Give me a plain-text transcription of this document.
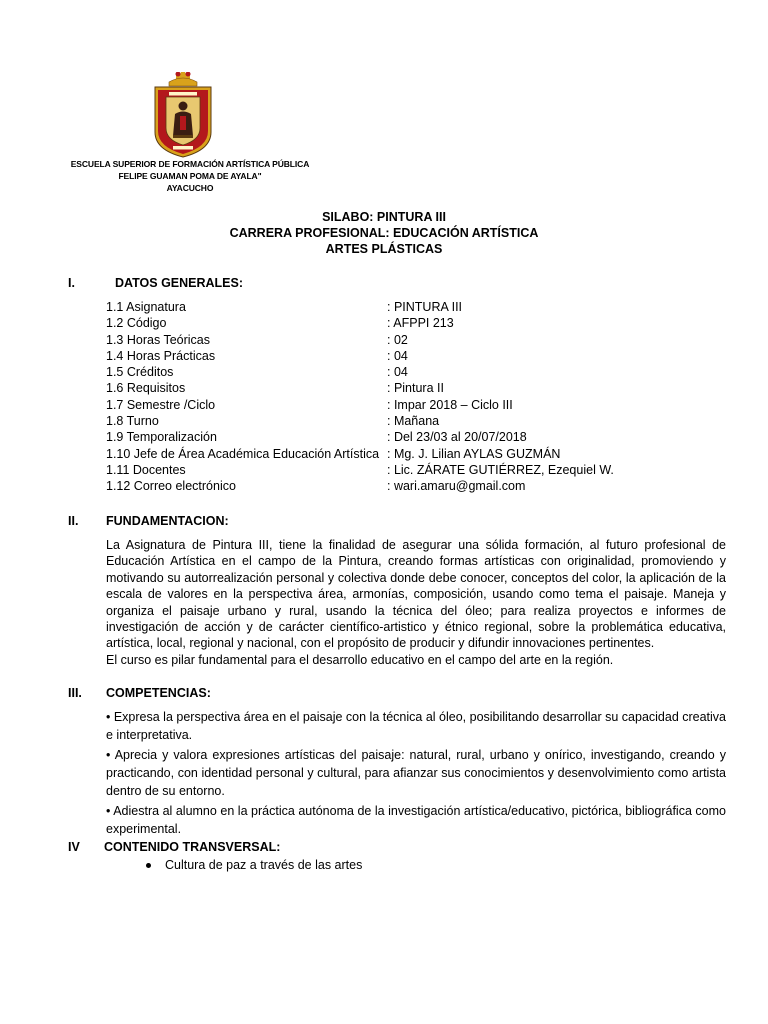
ESCUELA SUPERIOR DE FORMACIÓN ARTÍSTICA PÚBLICA
FELIPE GUAMAN POMA DE AYALA"
AYACUCHO
SILABO: PINTURA III
CARRERA PROFESIONAL: EDUCACIÓN ARTÍSTICA
ARTES PLÁSTICAS
I.	DATOS GENERALES:
1.1 Asignatura	: PINTURA III
1.2 Código	: AFPPI 213
1.3 Horas Teóricas	: 02
1.4 Horas Prácticas	: 04
1.5 Créditos	: 04
1.6 Requisitos	: Pintura II
1.7 Semestre /Ciclo	: Impar 2018 – Ciclo III
1.8 Turno	: Mañana
1.9 Temporalización	: Del 23/03 al 20/07/2018
1.10 Jefe de Área Académica Educación Artística : Mg. J. Lilian AYLAS GUZMÁN
1.11 Docentes	: Lic. ZÁRATE GUTIÉRREZ, Ezequiel W.
1.12 Correo electrónico	: wari.amaru@gmail.com
II. FUNDAMENTACION:

La Asignatura de Pintura III, tiene la finalidad de asegurar una sólida formación, al futuro profesional de Educación Artística en el campo de la Pintura, creando formas artísticas con originalidad, promoviendo y motivando su autorrealización personal y colectiva donde debe conocer, conceptos del color, la aplicación de la escala de valores en la perspectiva área, armonías, composición, usando como tema el paisaje. Maneja y organiza el paisaje urbano y rural, usando la técnica del óleo; para realiza proyectos e informes de investigación de acción y de carácter científico-artistico y étnico regional, sobre la problemática educativa, artística, local, regional y nacional, con el propósito de producir y difundir innovaciones pertinentes.

El curso es pilar fundamental para el desarrollo educativo en el campo del arte en la región.

III. COMPETENCIAS:

• Expresa la perspectiva área en el paisaje con la técnica al óleo, posibilitando desarrollar su capacidad creativa e interpretativa.

• Aprecia y valora expresiones artísticas del paisaje: natural, rural, urbano y onírico, investigando, creando y practicando, con identidad personal y cultural, para afianzar sus conocimientos y desenvolvimiento como artista dentro de su entorno.

• Adiestra al alumno en la práctica autónoma de la investigación artística/educativo, pictórica, bibliográfica como experimental.

IV CONTENIDO TRANSVERSAL:
Cultura de paz a través de las artes
